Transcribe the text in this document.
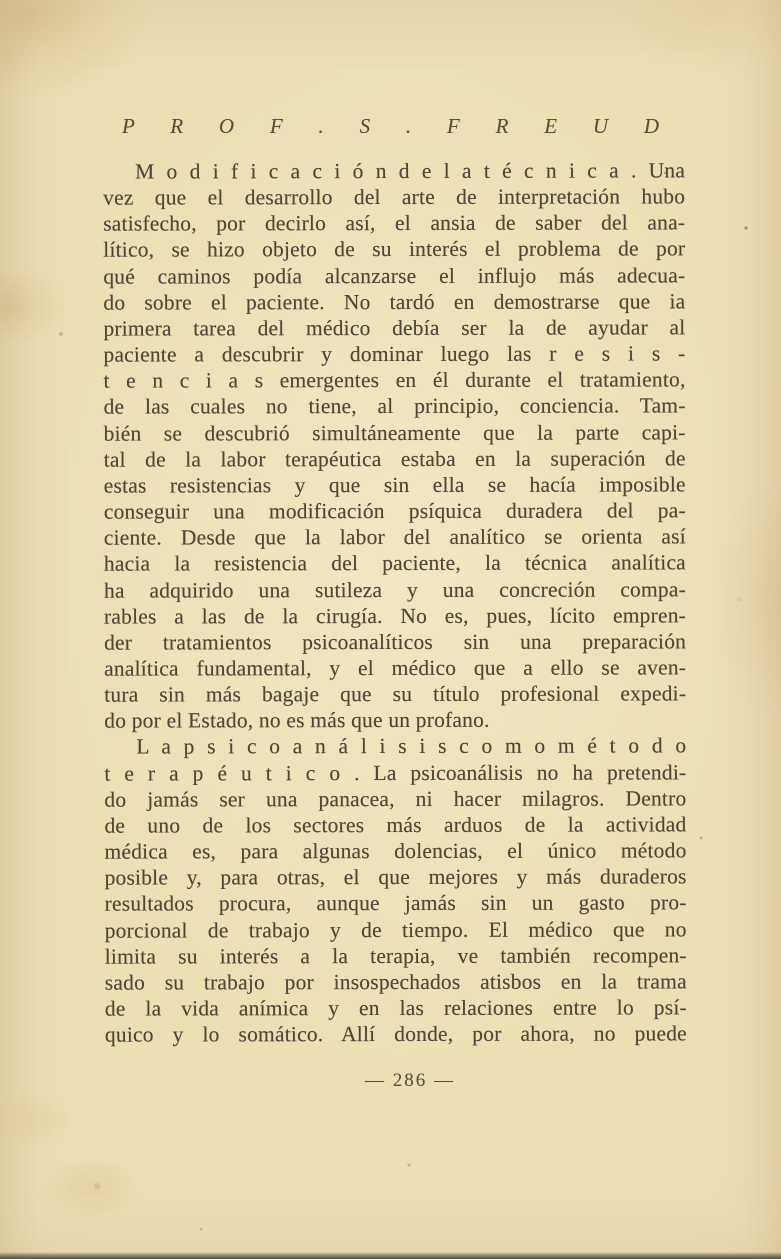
P R O F . S . F R E U D
M o d i f i c a c i ó n d e l a t é c n i c a . Una
vez que el desarrollo del arte de interpretación hubo
satisfecho, por decirlo así, el ansia de saber del ana-
lítico, se hizo objeto de su interés el problema de por
qué caminos podía alcanzarse el influjo más adecua-
do sobre el paciente. No tardó en demostrarse que ia
primera tarea del médico debía ser la de ayudar al
paciente a descubrir y dominar luego las r e s i s -
t e n c i a s emergentes en él durante el tratamiento,
de las cuales no tiene, al principio, conciencia. Tam-
bién se descubrió simultáneamente que la parte capi-
tal de la labor terapéutica estaba en la superación de
estas resistencias y que sin ella se hacía imposible
conseguir una modificación psíquica duradera del pa-
ciente. Desde que la labor del analítico se orienta así
hacia la resistencia del paciente, la técnica analítica
ha adquirido una sutileza y una concreción compa-
rables a las de la cirugía. No es, pues, lícito empren-
der tratamientos psicoanalíticos sin una preparación
analítica fundamental, y el médico que a ello se aven-
tura sin más bagaje que su título profesional expedi-
do por el Estado, no es más que un profano.
L a p s i c o a n á l i s i s c o m o m é t o d o
t e r a p é u t i c o . La psicoanálisis no ha pretendi-
do jamás ser una panacea, ni hacer milagros. Dentro
de uno de los sectores más arduos de la actividad
médica es, para algunas dolencias, el único método
posible y, para otras, el que mejores y más duraderos
resultados procura, aunque jamás sin un gasto pro-
porcional de trabajo y de tiempo. El médico que no
limita su interés a la terapia, ve también recompen-
sado su trabajo por insospechados atisbos en la trama
de la vida anímica y en las relaciones entre lo psí-
quico y lo somático. Allí donde, por ahora, no puede
— 286 —
